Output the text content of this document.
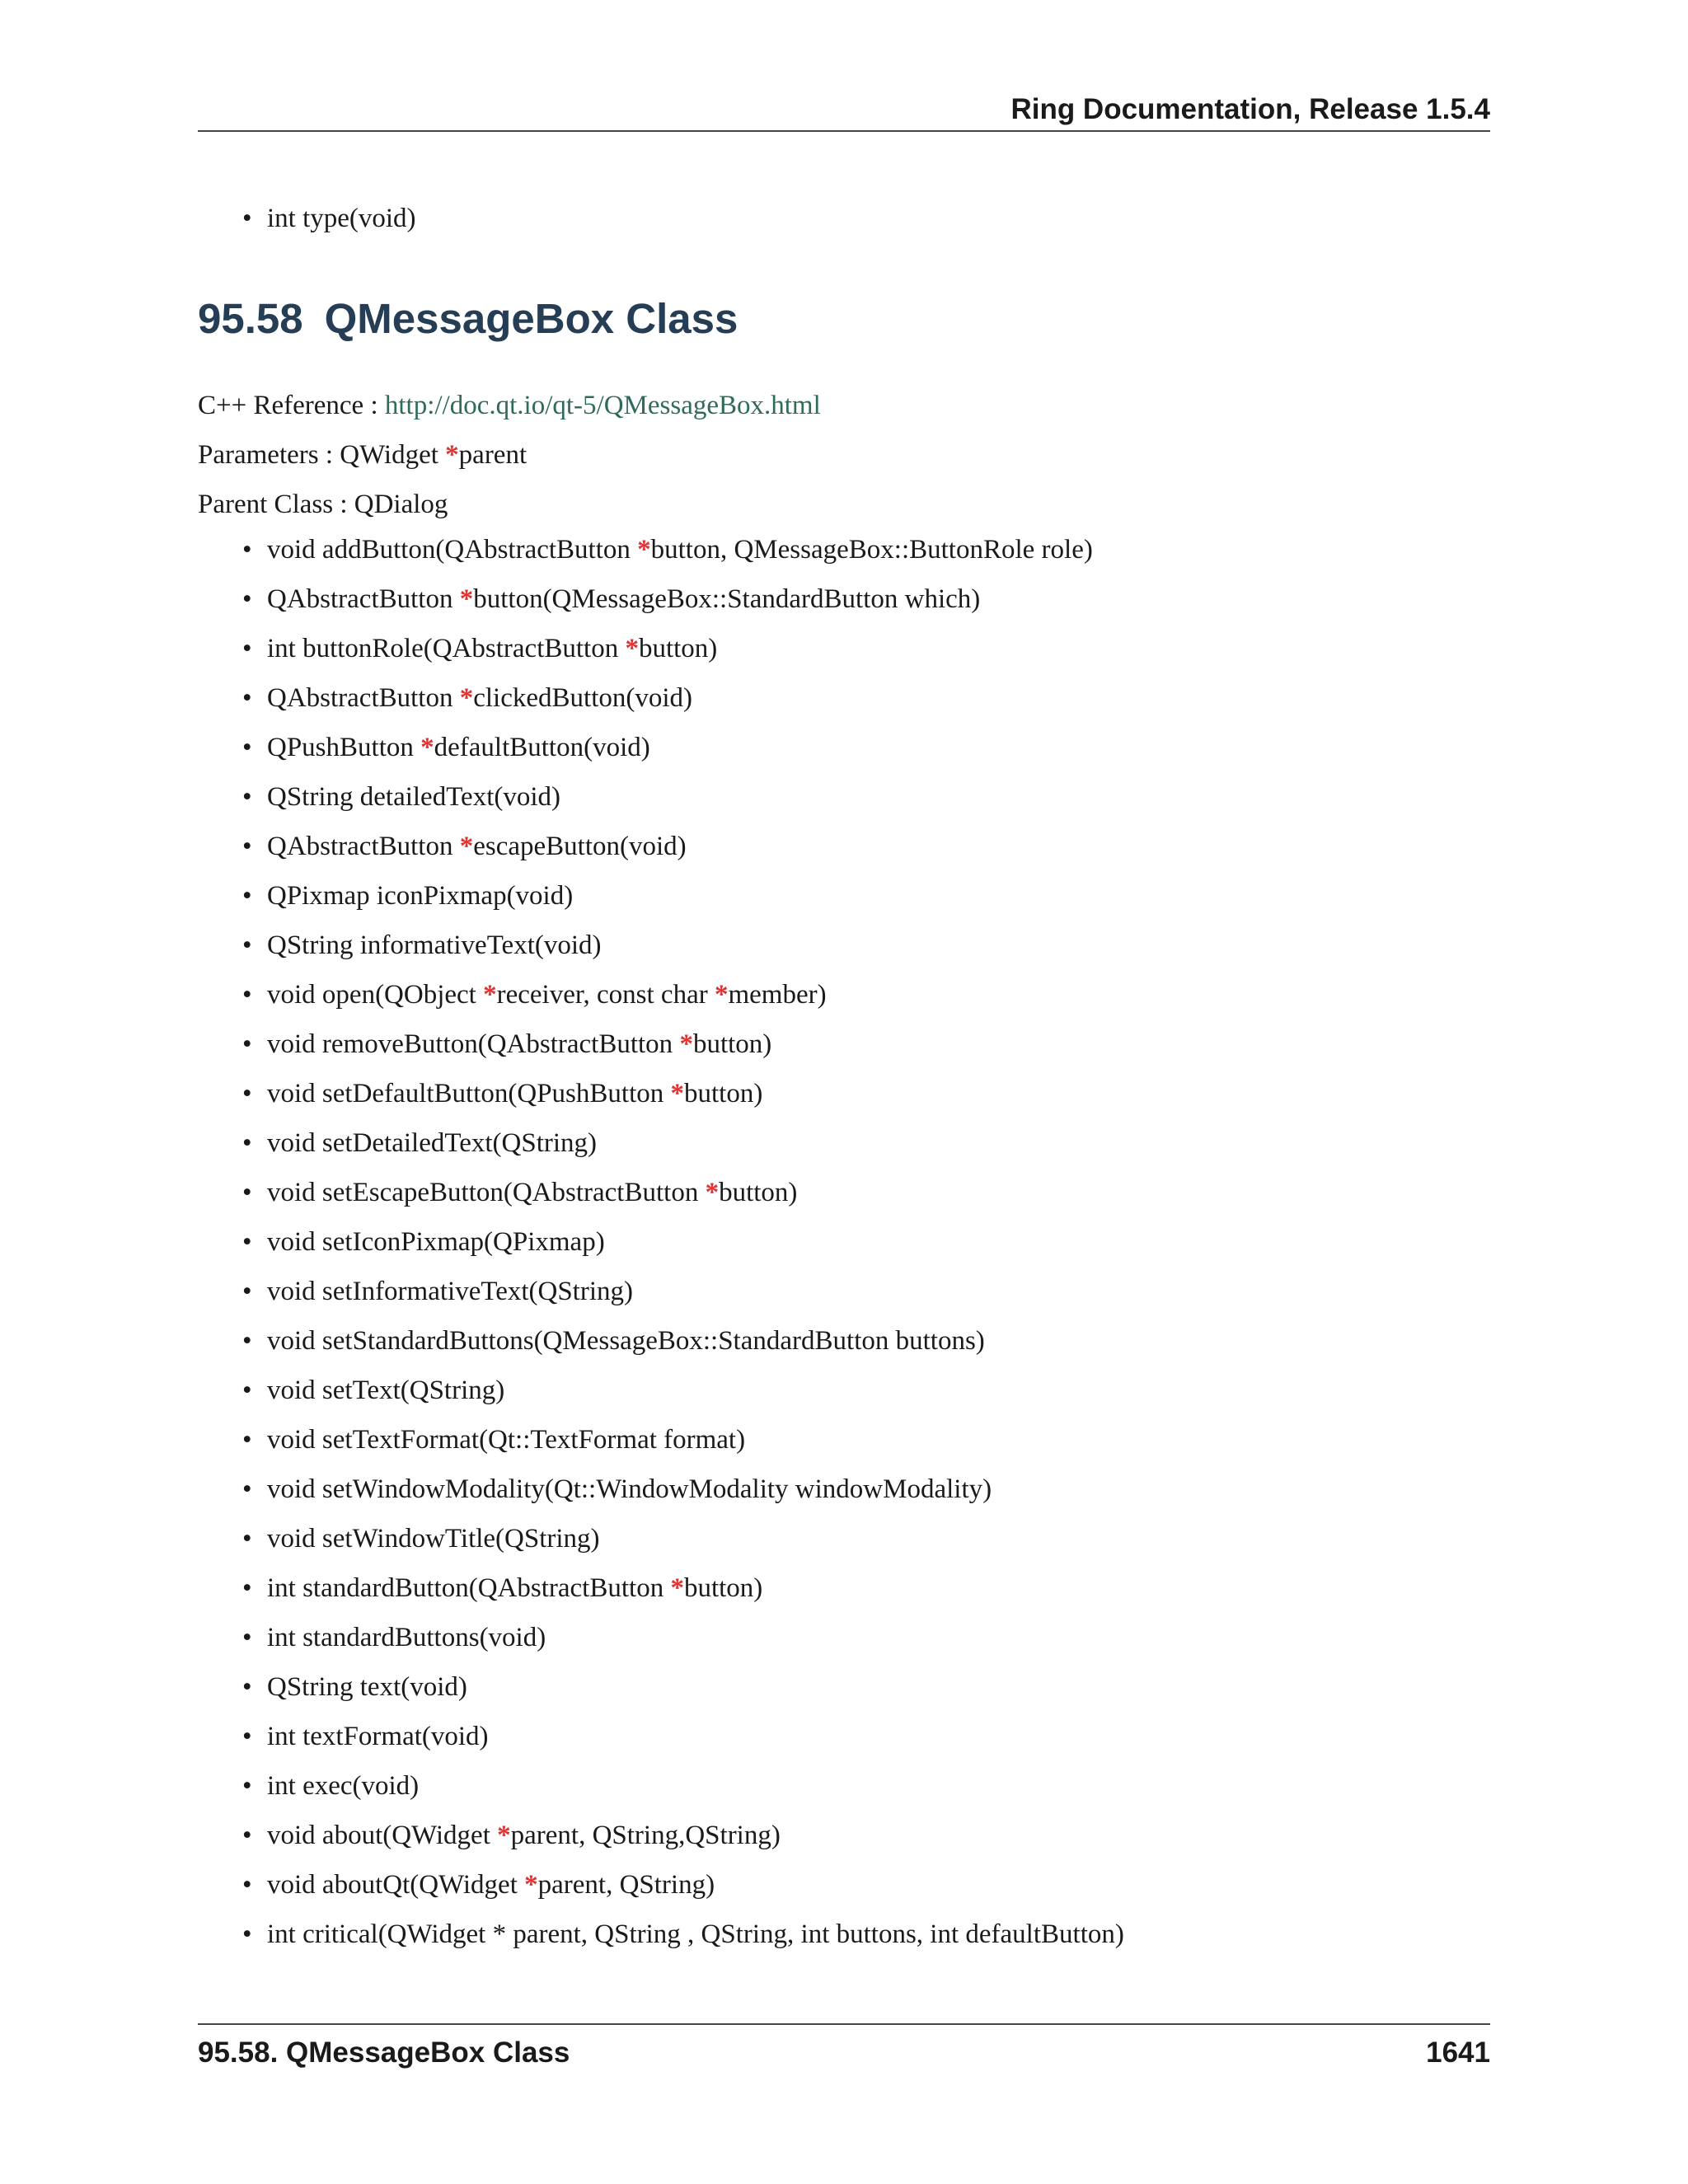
Ring Documentation, Release 1.5.4
• int type(void)
95.58 QMessageBox Class

C++ Reference : http://doc.qt.io/qt-5/QMessageBox.html

Parameters : QWidget *parent

Parent Class : QDialog

• void addButton(QAbstractButton *button, QMessageBox::ButtonRole role)
• QAbstractButton *button(QMessageBox::StandardButton which)
• int buttonRole(QAbstractButton *button)
• QAbstractButton *clickedButton(void)
• QPushButton *defaultButton(void)
• QString detailedText(void)
• QAbstractButton *escapeButton(void)
• QPixmap iconPixmap(void)
• QString informativeText(void)
• void open(QObject *receiver, const char *member)
• void removeButton(QAbstractButton *button)
• void setDefaultButton(QPushButton *button)
• void setDetailedText(QString)
• void setEscapeButton(QAbstractButton *button)
• void setIconPixmap(QPixmap)
• void setInformativeText(QString)
• void setStandardButtons(QMessageBox::StandardButton buttons)
• void setText(QString)
• void setTextFormat(Qt::TextFormat format)
• void setWindowModality(Qt::WindowModality windowModality)
• void setWindowTitle(QString)
• int standardButton(QAbstractButton *button)
• int standardButtons(void)
• QString text(void)
• int textFormat(void)
• int exec(void)
• void about(QWidget *parent, QString,QString)
• void aboutQt(QWidget *parent, QString)
• int critical(QWidget * parent, QString , QString, int buttons, int defaultButton)
95.58. QMessageBox Class	1641
